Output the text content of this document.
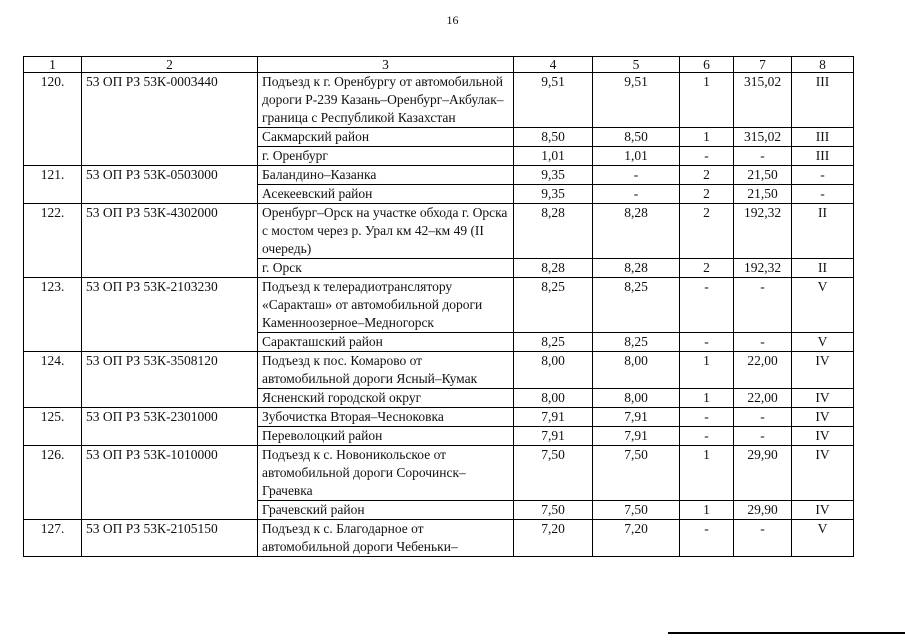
16
1	2	3	4	5	6	7	8
120.	53 ОП РЗ 53К-0003440	Подъезд к г. Оренбургу от автомобильной дороги Р-239 Казань–Оренбург–Акбулак–граница с Республикой Казахстан	9,51	9,51	1	315,02	III
		Сакмарский район	8,50	8,50	1	315,02	III
		г. Оренбург	1,01	1,01	-	-	III
121.	53 ОП РЗ 53К-0503000	Баландино–Казанка	9,35	-	2	21,50	-
		Асекеевский район	9,35	-	2	21,50	-
122.	53 ОП РЗ 53К-4302000	Оренбург–Орск на участке обхода г. Орска с мостом через р. Урал км 42–км 49 (II очередь)	8,28	8,28	2	192,32	II
		г. Орск	8,28	8,28	2	192,32	II
123.	53 ОП РЗ 53К-2103230	Подъезд к телерадиотранслятору «Саракташ» от автомобильной дороги Каменноозерное–Медногорск	8,25	8,25	-	-	V
		Саракташский район	8,25	8,25	-	-	V
124.	53 ОП РЗ 53К-3508120	Подъезд к пос. Комарово от автомобильной дороги Ясный–Кумак	8,00	8,00	1	22,00	IV
		Ясненский городской округ	8,00	8,00	1	22,00	IV
125.	53 ОП РЗ 53К-2301000	Зубочистка Вторая–Чесноковка	7,91	7,91	-	-	IV
		Переволоцкий район	7,91	7,91	-	-	IV
126.	53 ОП РЗ 53К-1010000	Подъезд к с. Новоникольское от автомобильной дороги Сорочинск–Грачевка	7,50	7,50	1	29,90	IV
		Грачевский район	7,50	7,50	1	29,90	IV
127.	53 ОП РЗ 53К-2105150	Подъезд к с. Благодарное от автомобильной дороги Чебеньки–	7,20	7,20	-	-	V
